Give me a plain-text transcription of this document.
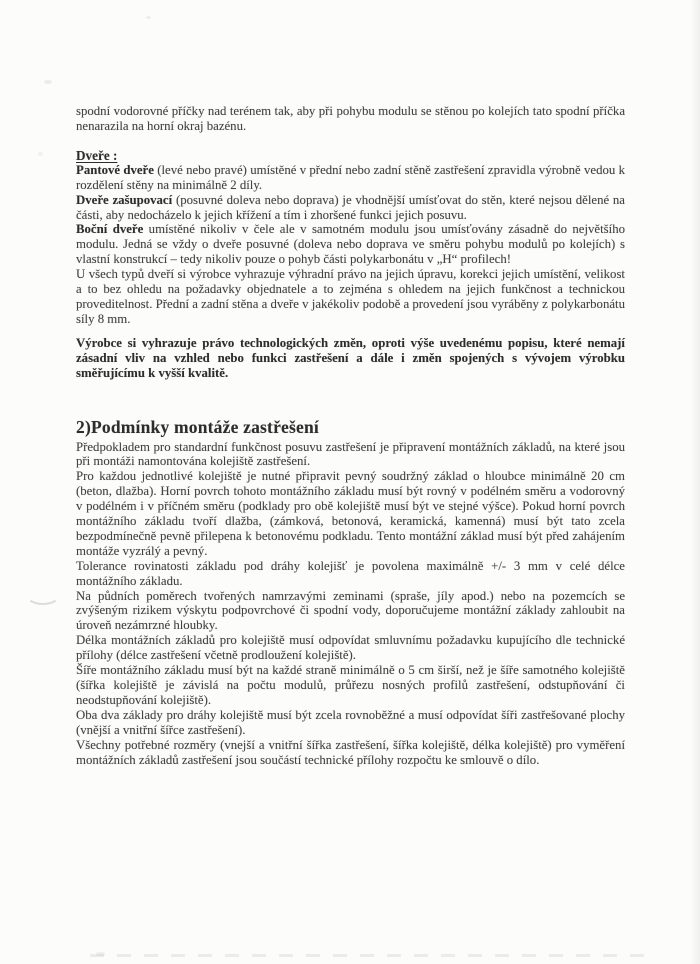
spodní vodorovné příčky nad terénem tak, aby při pohybu modulu se stěnou po kolejích tato spodní příčka nenarazila na horní okraj bazénu.

Dveře :

Pantové dveře (levé nebo pravé) umístěné v přední nebo zadní stěně zastřešení zpravidla výrobně vedou k rozdělení stěny na minimálně 2 díly.

Dveře zašupovací (posuvné doleva nebo doprava) je vhodnější umísťovat do stěn, které nejsou dělené na části, aby nedocházelo k jejich křížení a tím i zhoršené funkci jejich posuvu.

Boční dveře umístěné nikoliv v čele ale v samotném modulu jsou umísťovány zásadně do největšího modulu. Jedná se vždy o dveře posuvné (doleva nebo doprava ve směru pohybu modulů po kolejích) s vlastní konstrukcí – tedy nikoliv pouze o pohyb části polykarbonátu v „H“ profilech!

U všech typů dveří si výrobce vyhrazuje výhradní právo na jejich úpravu, korekci jejich umístění, velikost a to bez ohledu na požadavky objednatele a to zejména s ohledem na jejich funkčnost a technickou proveditelnost. Přední a zadní stěna a dveře v jakékoliv podobě a provedení jsou vyráběny z polykarbonátu síly 8 mm.

Výrobce si vyhrazuje právo technologických změn, oproti výše uvedenému popisu, které nemají zásadní vliv na vzhled nebo funkci zastřešení a dále i změn spojených s vývojem výrobku směřujícímu k vyšší kvalitě.

2)Podmínky montáže zastřešení

Předpokladem pro standardní funkčnost posuvu zastřešení je připravení montážních základů, na které jsou při montáži namontována kolejiště zastřešení.

Pro každou jednotlivé kolejiště je nutné připravit pevný soudržný základ o hloubce minimálně 20 cm (beton, dlažba). Horní povrch tohoto montážního základu musí být rovný v podélném směru a vodorovný v podélném i v příčném směru (podklady pro obě kolejiště musí být ve stejné výšce). Pokud horní povrch montážního základu tvoří dlažba, (zámková, betonová, keramická, kamenná) musí být tato zcela bezpodmínečně pevně přilepena k betonovému podkladu. Tento montážní základ musí být před zahájením montáže vyzrálý a pevný.

Tolerance rovinatosti základu pod dráhy kolejišť je povolena maximálně +/- 3 mm v celé délce montážního základu.

Na půdních poměrech tvořených namrzavými zeminami (spraše, jíly apod.) nebo na pozemcích se zvýšeným rizikem výskytu podpovrchové či spodní vody, doporučujeme montážní základy zahloubit na úroveň nezámrzné hloubky.

Délka montážních základů pro kolejiště musí odpovídat smluvnímu požadavku kupujícího dle technické přílohy (délce zastřešení včetně prodloužení kolejiště).

Šíře montážního základu musí být na každé straně minimálně o 5 cm širší, než je šíře samotného kolejiště (šířka kolejiště je závislá na počtu modulů, průřezu nosných profilů zastřešení, odstupňování či neodstupňování kolejiště).

Oba dva základy pro dráhy kolejiště musí být zcela rovnoběžné a musí odpovídat šíři zastřešované plochy (vnější a vnitřní šířce zastřešení).

Všechny potřebné rozměry (vnejší a vnitřní šířka zastřešení, šířka kolejiště, délka kolejiště) pro vyměření montážních základů zastřešení jsou součástí technické přílohy rozpočtu ke smlouvě o dílo.
